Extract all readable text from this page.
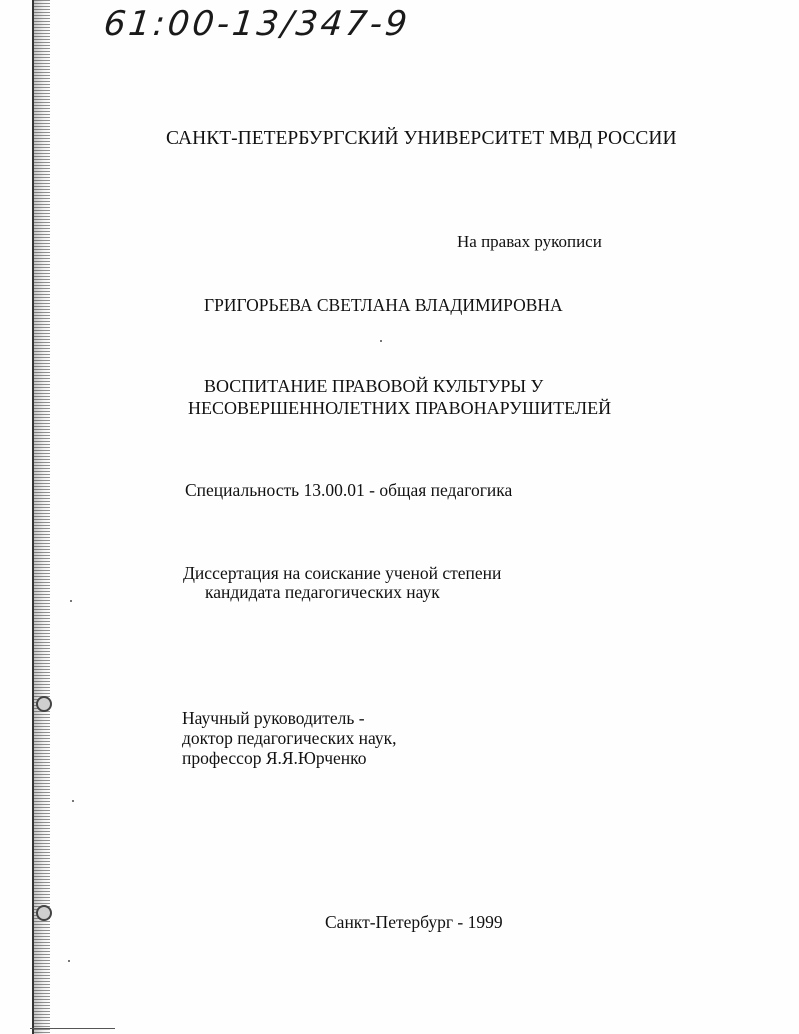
61:00-13/347-9
САНКТ-ПЕТЕРБУРГСКИЙ УНИВЕРСИТЕТ МВД РОССИИ
На правах рукописи
ГРИГОРЬЕВА СВЕТЛАНА ВЛАДИМИРОВНА
ВОСПИТАНИЕ ПРАВОВОЙ КУЛЬТУРЫ У
НЕСОВЕРШЕННОЛЕТНИХ ПРАВОНАРУШИТЕЛЕЙ
Специальность 13.00.01 - общая педагогика
Диссертация на соискание ученой степени
кандидата педагогических наук
Научный руководитель -
доктор педагогических наук,
профессор Я.Я.Юрченко
Санкт-Петербург - 1999
